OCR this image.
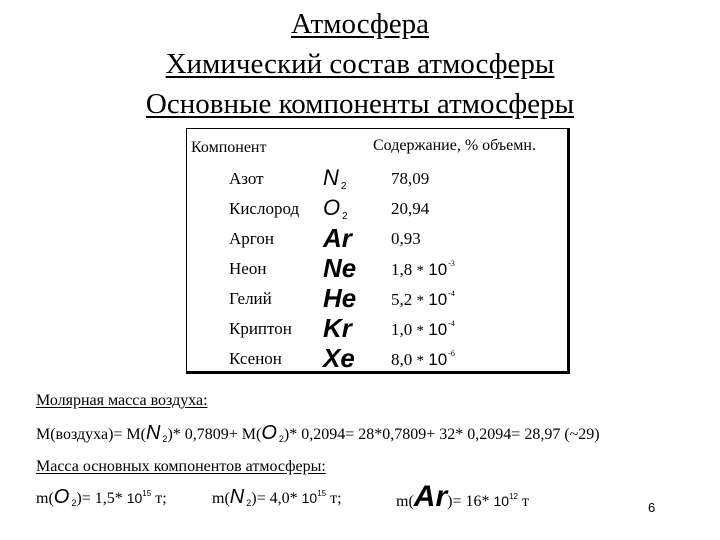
Атмосфера
Химический состав атмосферы
Основные компоненты атмосферы
Компонент	Содержание, % объемн.
Азот	N $_2$	78,09
Кислород O $_2$	20,94
Аргон Ar	0,93
Неон Ne	$1,8 * 10^{-3}$
Гелий He	$5,2 * 10^{-4}$
Криптон Kr	$1,0 * 10^{-4}$
Ксенон Xe	$8,0 * 10^{-6}$
Молярная масса воздуха:
М(воздуха)= М(N $_2$)* 0,7809+ М(O $_2$)* 0,2094= 28*0,7809+ 32* 0,2094= 28,97 (~29)
Масса основных компонентов атмосферы:
m(O $_2$)= 1,5* $10^{15}$ т;	m(N $_2$)= 4,0* $10^{15}$ т;	m(Ar)= 16* $10^{12}$ т	6
